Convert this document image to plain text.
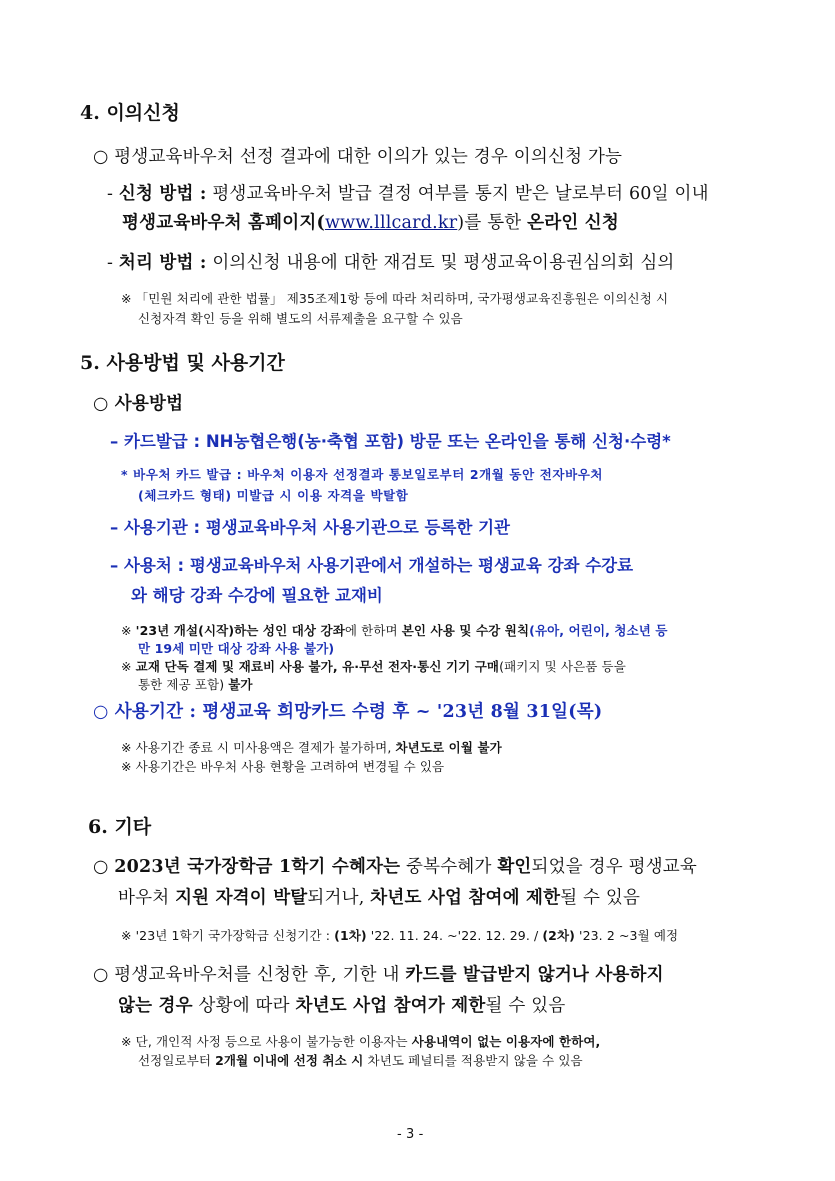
4. 이의신청
○ 평생교육바우처 선정 결과에 대한 이의가 있는 경우 이의신청 가능
- 신청 방법 : 평생교육바우처 발급 결정 여부를 통지 받은 날로부터 60일 이내
평생교육바우처 홈페이지(www.lllcard.kr)를 통한 온라인 신청
- 처리 방법 : 이의신청 내용에 대한 재검토 및 평생교육이용권심의회 심의
※ 「민원 처리에 관한 법률」 제35조제1항 등에 따라 처리하며, 국가평생교육진흥원은 이의신청 시
신청자격 확인 등을 위해 별도의 서류제출을 요구할 수 있음
5. 사용방법 및 사용기간
○ 사용방법
– 카드발급 : NH농협은행(농·축협 포함) 방문 또는 온라인을 통해 신청·수령*
* 바우처 카드 발급 : 바우처 이용자 선정결과 통보일로부터 2개월 동안 전자바우처
(체크카드 형태) 미발급 시 이용 자격을 박탈함
– 사용기관 : 평생교육바우처 사용기관으로 등록한 기관
– 사용처 : 평생교육바우처 사용기관에서 개설하는 평생교육 강좌 수강료
와 해당 강좌 수강에 필요한 교재비
※ '23년 개설(시작)하는 성인 대상 강좌에 한하며 본인 사용 및 수강 원칙(유아, 어린이, 청소년 등
만 19세 미만 대상 강좌 사용 불가)
※ 교재 단독 결제 및 재료비 사용 불가, 유·무선 전자·통신 기기 구매(패키지 및 사은품 등을
통한 제공 포함) 불가
○ 사용기간 : 평생교육 희망카드 수령 후 ~ '23년 8월 31일(목)
※ 사용기간 종료 시 미사용액은 결제가 불가하며, 차년도로 이월 불가
※ 사용기간은 바우처 사용 현황을 고려하여 변경될 수 있음
6. 기타
○ 2023년 국가장학금 1학기 수혜자는 중복수혜가 확인되었을 경우 평생교육
바우처 지원 자격이 박탈되거나, 차년도 사업 참여에 제한될 수 있음
※ '23년 1학기 국가장학금 신청기간 : (1차) '22. 11. 24. ~'22. 12. 29. / (2차) '23. 2 ~3월 예정
○ 평생교육바우처를 신청한 후, 기한 내 카드를 발급받지 않거나 사용하지
않는 경우 상황에 따라 차년도 사업 참여가 제한될 수 있음
※ 단, 개인적 사정 등으로 사용이 불가능한 이용자는 사용내역이 없는 이용자에 한하여,
선정일로부터 2개월 이내에 선정 취소 시 차년도 페널티를 적용받지 않을 수 있음
- 3 -
